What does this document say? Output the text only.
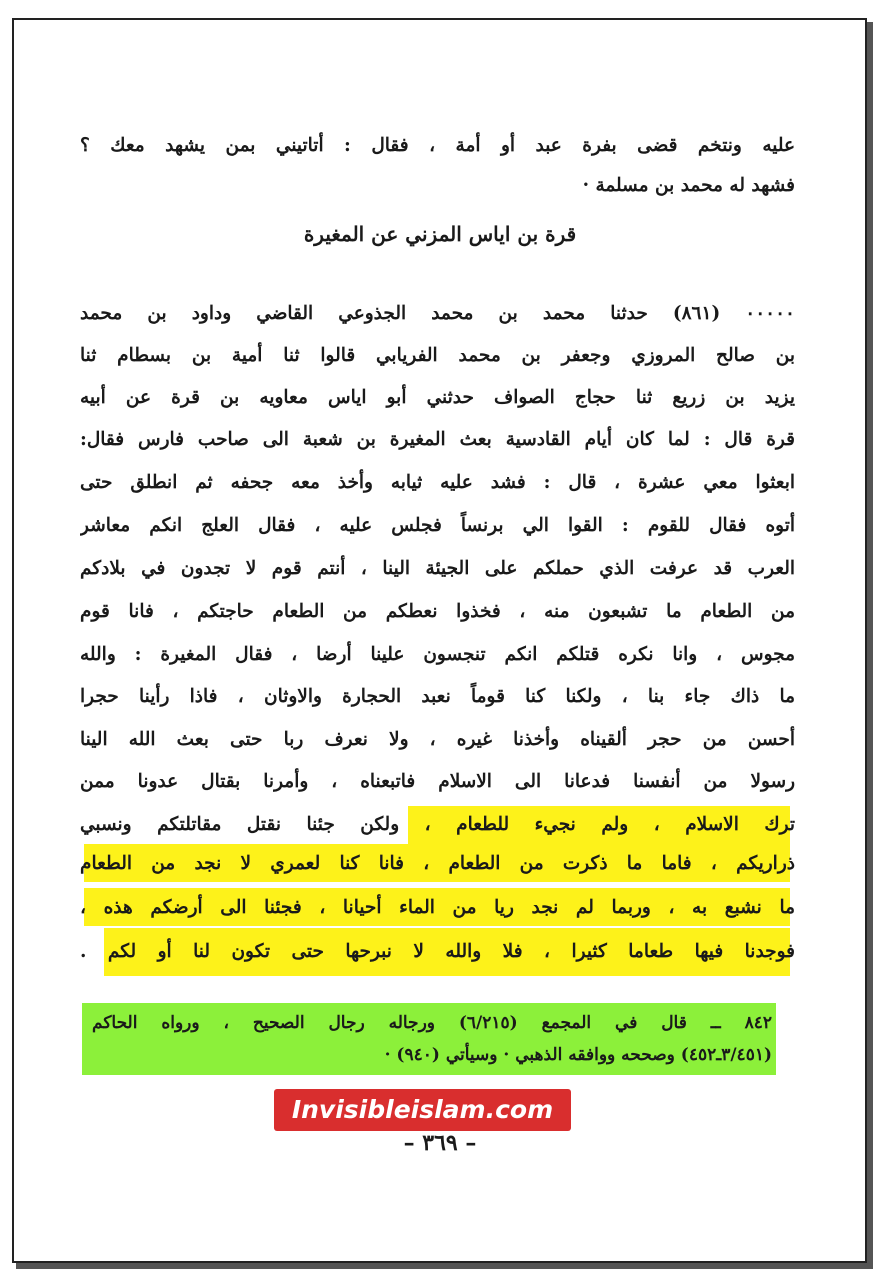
عليه ونتخم قضى بفرة عبد أو أمة ، فقال : أتاتيني بمن يشهد معك ؟
فشهد له محمد بن مسلمة ·
قرة بن اياس المزني عن المغيرة
٠٠٠٠٠ (٨٦١) حدثنا محمد بن محمد الجذوعي القاضي وداود بن محمد
بن صالح المروزي وجعفر بن محمد الفريابي قالوا ثنا أمية بن بسطام ثنا
يزيد بن زريع ثنا حجاج الصواف حدثني أبو اياس معاويه بن قرة عن أبيه
قرة قال : لما كان أيام القادسية بعث المغيرة بن شعبة الى صاحب فارس فقال:
ابعثوا معي عشرة ، قال : فشد عليه ثيابه وأخذ معه جحفه ثم انطلق حتى
أتوه فقال للقوم : القوا الي برنساً فجلس عليه ، فقال العلج انكم معاشر
العرب قد عرفت الذي حملكم على الجيئة الينا ، أنتم قوم لا تجدون في بلادكم
من الطعام ما تشبعون منه ، فخذوا نعطكم من الطعام حاجتكم ، فانا قوم
مجوس ، وانا نكره قتلكم انكم تنجسون علينا أرضا ، فقال المغيرة : والله
ما ذاك جاء بنا ، ولكنا كنا قوماً نعبد الحجارة والاوثان ، فاذا رأينا حجرا
أحسن من حجر ألقيناه وأخذنا غيره ، ولا نعرف ربا حتى بعث الله الينا
رسولا من أنفسنا فدعانا الى الاسلام فاتبعناه ، وأمرنا بقتال عدونا ممن
ترك الاسلام ، ولم نجيء للطعام ، ولكن جئنا نقتل مقاتلتكم ونسبي
ذراريكم ، فاما ما ذكرت من الطعام ، فانا كنا لعمري لا نجد من الطعام
ما نشبع به ، وربما لم نجد ريا من الماء أحيانا ، فجئنا الى أرضكم هذه ،
فوجدنا فيها طعاما كثيرا ، فلا والله لا نبرحها حتى تكون لنا أو لكم .
٨٤٢ ــ قال في المجمع (٦/٢١٥) ورجاله رجال الصحيح ، ورواه الحاكم
(٣/٤٥١ـ٤٥٢) وصححه ووافقه الذهبي · وسيأتي (٩٤٠) ·
Invisibleislam.com
– ٣٦٩ –
